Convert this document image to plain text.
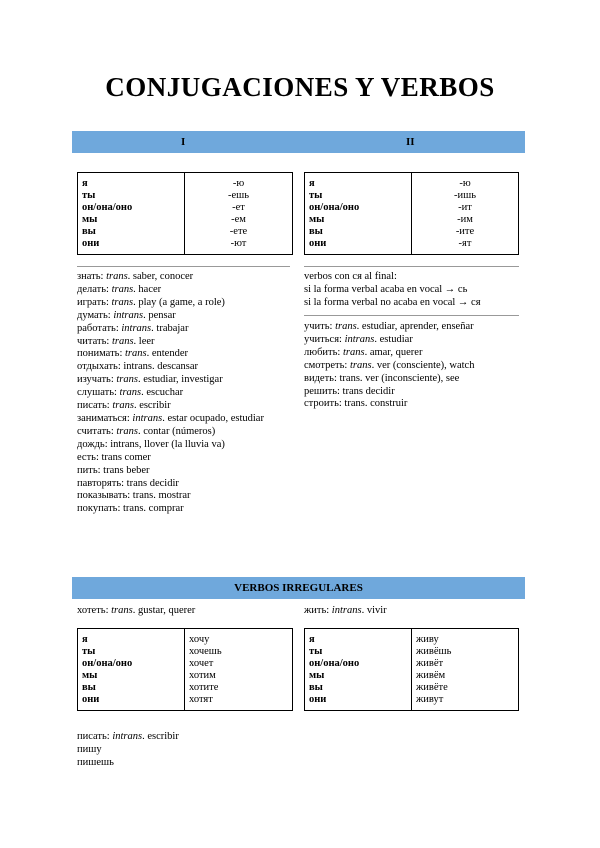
CONJUGACIONES Y VERBOS
I	II
я	-ю
ты	-ешь
он/она/оно	-ет
мы	-ем
вы	-ете
они	-ют
я	-ю
ты	-ишь
он/она/оно	-ит
мы	-им
вы	-ите
они	-ят
знать: trans. saber, conocer
делать: trans. hacer
играть: trans. play (a game, a role)
думать: intrans. pensar
работать: intrans. trabajar
читать: trans. leer
понимать: trans. entender
отдыхать: intrans. descansar
изучать: trans. estudiar, investigar
слушать: trans. escuchar
писать: trans. escribir
заниматься: intrans. estar ocupado, estudiar
считать: trans. contar (números)
дождь: intrans, llover (la lluvia va)
есть: trans comer
пить: trans beber
павторять: trans decidir
показывать: trans. mostrar
покупать: trans. comprar
verbos con ся al final:
si la forma verbal acaba en vocal → сь
si la forma verbal no acaba en vocal → ся
учить: trans. estudiar, aprender, enseñar
учиться: intrans. estudiar
любить: trans. amar, querer
смотреть: trans. ver (consciente), watch
видеть: trans. ver (inconsciente), see
решить: trans decidir
строить: trans. construir
VERBOS IRREGULARES
хотеть: trans. gustar, querer	жить: intrans. vivir
я	хочу
ты	хочешь
он/она/оно	хочет
мы	хотим
вы	хотите
они	хотят
я	живу
ты	живёшь
он/она/оно	живёт
мы	живём
вы	живёте
они	живут
писать: intrans. escribir
пишу
пишешь
